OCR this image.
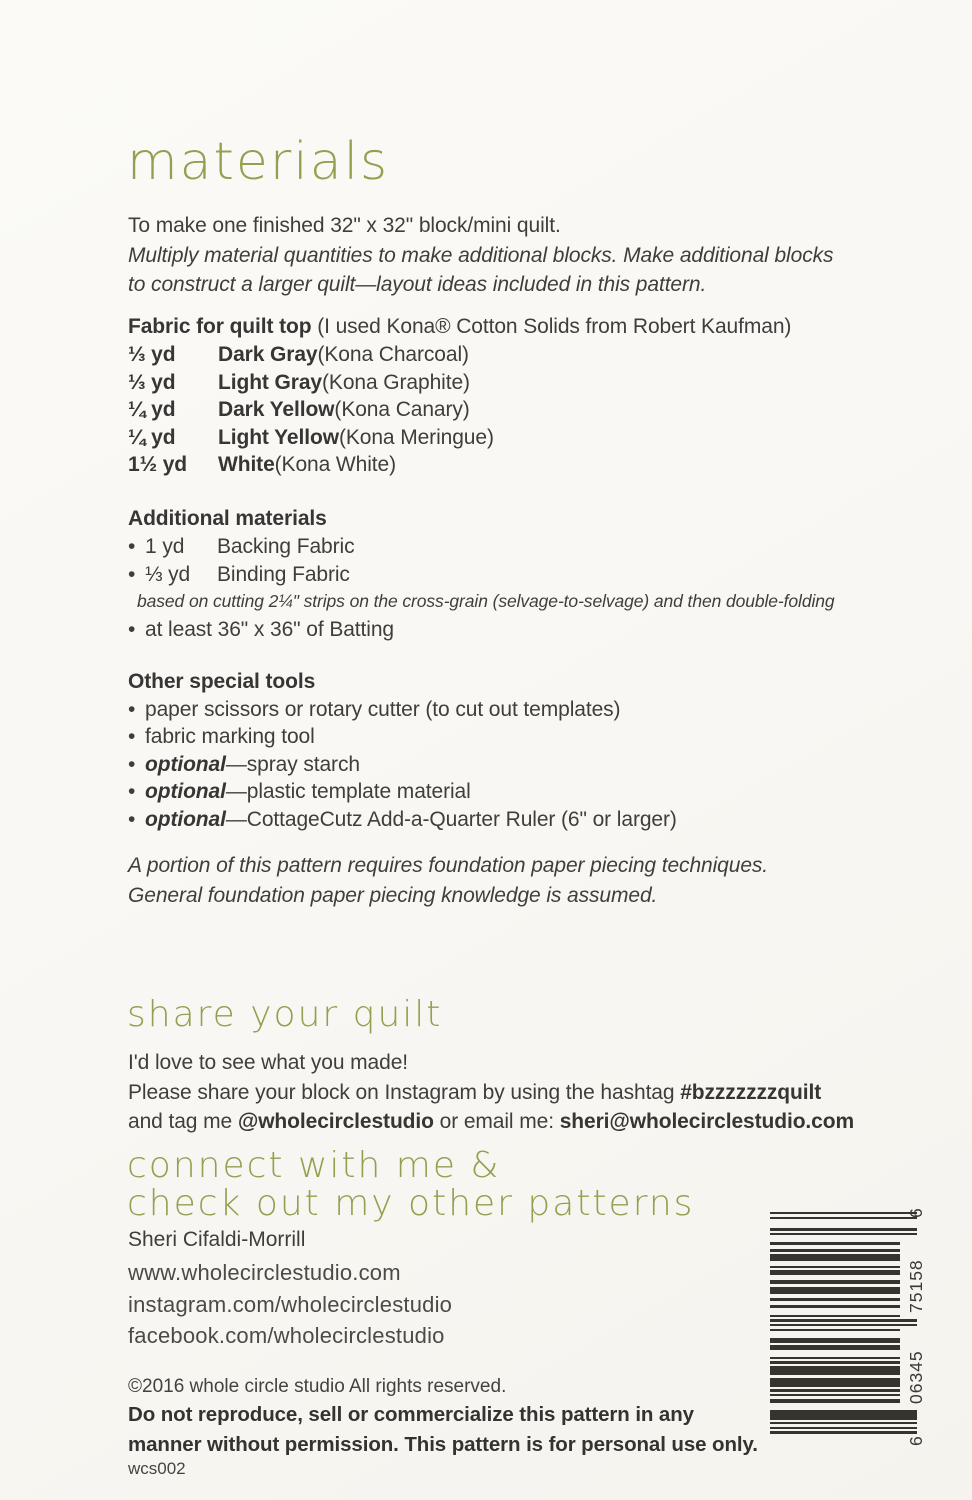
materials
To make one finished 32" x 32" block/mini quilt.
Multiply material quantities to make additional blocks. Make additional blocks
to construct a larger quilt—layout ideas included in this pattern.
Fabric for quilt top (I used Kona® Cotton Solids from Robert Kaufman)
⅓ yd	Dark Gray (Kona Charcoal)
⅓ yd	Light Gray (Kona Graphite)
¼ yd	Dark Yellow (Kona Canary)
¼ yd	Light Yellow (Kona Meringue)
1½ yd	White (Kona White)
Additional materials
• 1 yd	Backing Fabric
• ⅓ yd	Binding Fabric
based on cutting 2¼" strips on the cross-grain (selvage-to-selvage) and then double-folding
• at least 36" x 36" of Batting
Other special tools
• paper scissors or rotary cutter (to cut out templates)
• fabric marking tool
• optional —spray starch
• optional —plastic template material
• optional —CottageCutz Add-a-Quarter Ruler (6" or larger)
A portion of this pattern requires foundation paper piecing techniques.
General foundation paper piecing knowledge is assumed.
share your quilt
I'd love to see what you made!
Please share your block on Instagram by using the hashtag #bzzzzzzzquilt
and tag me @wholecirclestudio or email me: sheri@wholecirclestudio.com
connect with me &
check out my other patterns
Sheri Cifaldi-Morrill
www.wholecirclestudio.com
instagram.com/wholecirclestudio
facebook.com/wholecirclestudio
©2016 whole circle studio All rights reserved.
Do not reproduce, sell or commercialize this pattern in any
manner without permission. This pattern is for personal use only.
wcs002
6
75158
06345
6
